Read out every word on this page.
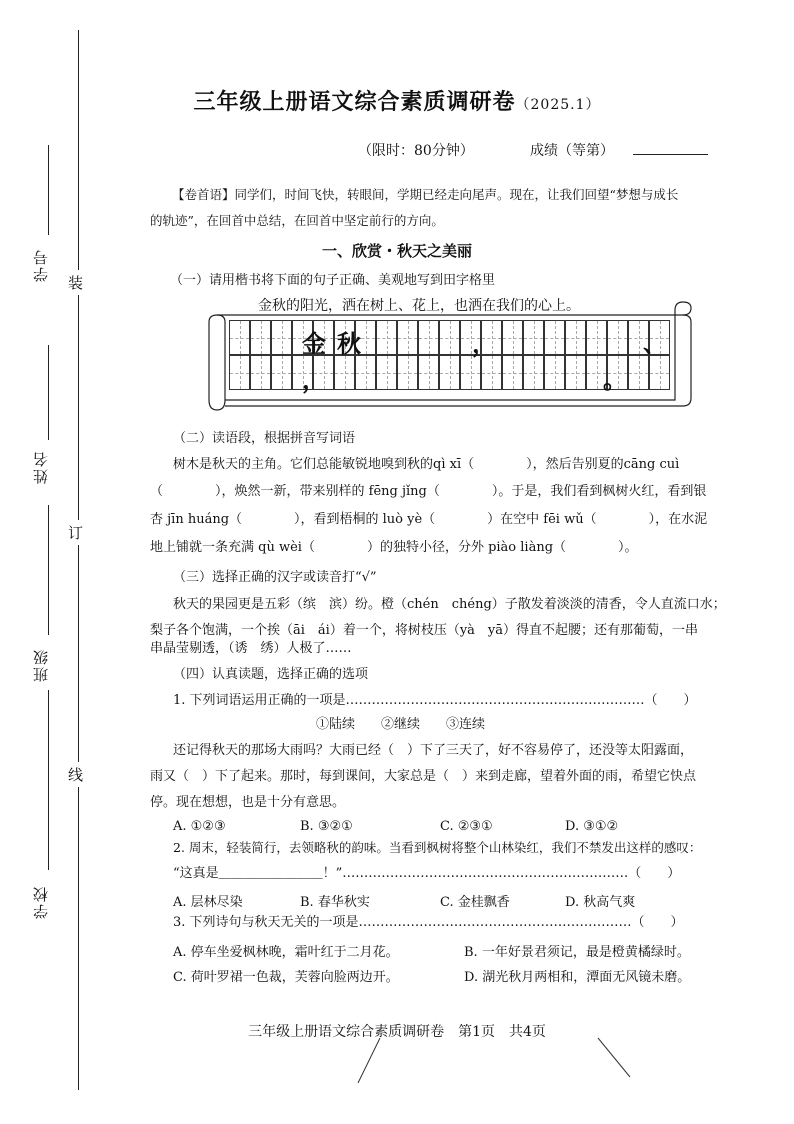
装
订
线
学号
姓名
班级
学校
三年级上册语文综合素质调研卷（2025.1）
（限时：80分钟）	成绩（等第）
【卷首语】同学们，时间飞快，转眼间，学期已经走向尾声。现在，让我们回望“梦想与成长
的轨迹”，在回首中总结，在回首中坚定前行的方向。
一、欣赏・秋天之美丽
（一）请用楷书将下面的句子正确、美观地写到田字格里
金秋的阳光，洒在树上、花上，也洒在我们的心上。
金 秋	，	、
，	。
（二）读语段，根据拼音写词语
树木是秋天的主角。它们总能敏锐地嗅到秋的qì xī（　　　　），然后告别夏的cāng cuì
（　　　　），焕然一新，带来别样的 fēng jǐng（　　　　）。于是，我们看到枫树火红，看到银
杏 jīn huáng（　　　　），看到梧桐的 luò yè（　　　　）在空中 fēi wǔ（　　　　），在水泥
地上铺就一条充满 qù wèi（　　　　）的独特小径，分外 piào liàng（　　　　）。
（三）选择正确的汉字或读音打“√”
秋天的果园更是五彩（缤　滨）纷。橙（chén　chéng）子散发着淡淡的清香，令人直流口水；
梨子各个饱满，一个挨（āi　ái）着一个，将树枝压（yà　yā）得直不起腰；还有那葡萄，一串
串晶莹剔透，（诱　绣）人极了……
（四）认真读题，选择正确的选项
1. 下列词语运用正确的一项是……………………………………………………………（　　）
①陆续　　②继续　　③连续
还记得秋天的那场大雨吗？大雨已经（　）下了三天了，好不容易停了，还没等太阳露面，
雨又（　）下了起来。那时，每到课间，大家总是（　）来到走廊，望着外面的雨，希望它快点
停。现在想想，也是十分有意思。
A. ①②③	B. ③②①	C. ②③①	D. ③①②
2. 周末，轻装简行，去领略秋的韵味。当看到枫树将整个山林染红，我们不禁发出这样的感叹：
“这真是＿＿＿＿＿＿＿＿！”…………………………………………………………（　　）
A. 层林尽染	B. 春华秋实	C. 金桂飘香	D. 秋高气爽
3. 下列诗句与秋天无关的一项是………………………………………………………（　　）
A. 停车坐爱枫林晚，霜叶红于二月花。	B. 一年好景君须记，最是橙黄橘绿时。
C. 荷叶罗裙一色裁，芙蓉向脸两边开。	D. 湖光秋月两相和，潭面无风镜未磨。
三年级上册语文综合素质调研卷　第1页　共4页
